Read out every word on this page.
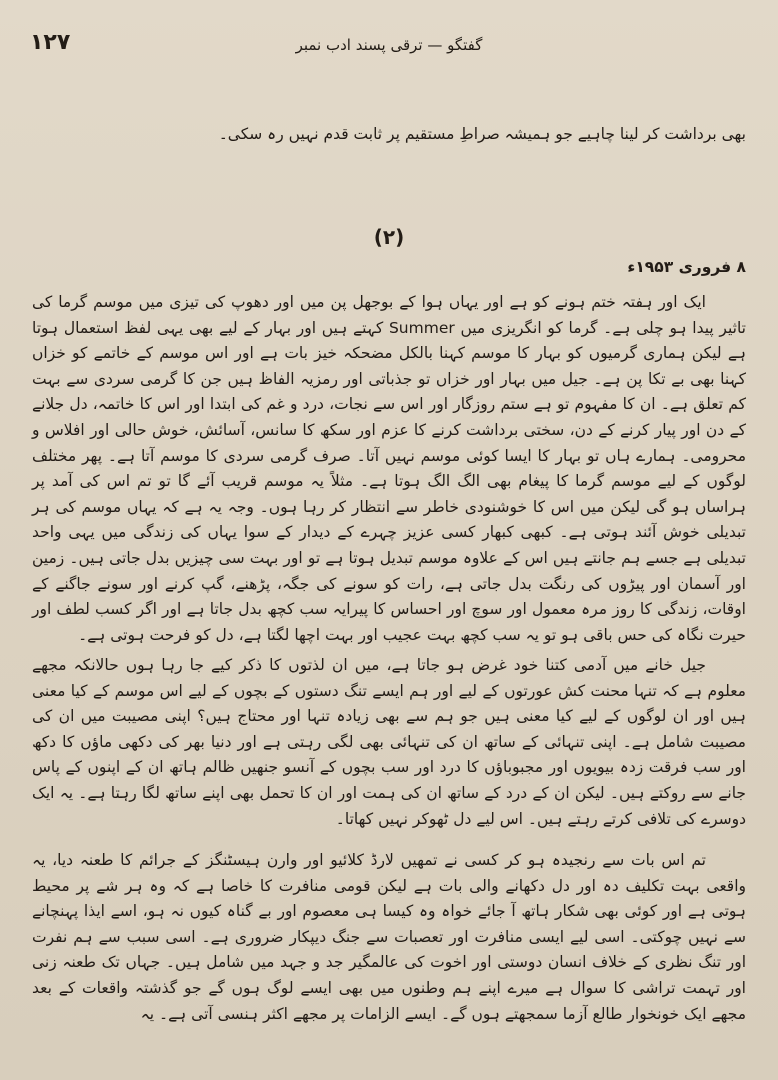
۱۲۷	گفتگو — ترقی پسند ادب نمبر

بھی برداشت کر لینا چاہیے جو ہمیشہ صراطِ مستقیم پر ثابت قدم نہیں رہ سکی۔

(۲)
۸ فروری ۱۹۵۳ء

ایک اور ہفتہ ختم ہونے کو ہے اور یہاں ہوا کے بوجھل پن میں اور دھوپ کی تیزی میں موسم گرما کی تاثیر پیدا ہو چلی ہے۔ گرما کو انگریزی میں Summer کہتے ہیں اور بہار کے لیے بھی یہی لفظ استعمال ہوتا ہے لیکن ہماری گرمیوں کو بہار کا موسم کہنا بالکل مضحکہ خیز بات ہے اور اس موسم کے خاتمے کو خزاں کہنا بھی بے تکا پن ہے۔ جیل میں بہار اور خزاں تو جذباتی اور رمزیہ الفاظ ہیں جن کا گرمی سردی سے بہت کم تعلق ہے۔ ان کا مفہوم تو ہے ستم روزگار اور اس سے نجات، درد و غم کی ابتدا اور اس کا خاتمہ، دل جلانے کے دن اور پیار کرنے کے دن، سختی برداشت کرنے کا عزم اور سکھ کا سانس، آسائش، خوش حالی اور افلاس و محرومی۔ ہمارے ہاں تو بہار کا ایسا کوئی موسم نہیں آتا۔ صرف گرمی سردی کا موسم آتا ہے۔ پھر مختلف لوگوں کے لیے موسم گرما کا پیغام بھی الگ الگ ہوتا ہے۔ مثلاً یہ موسم قریب آئے گا تو تم اس کی آمد پر ہراساں ہو گی لیکن میں اس کا خوشنودی خاطر سے انتظار کر رہا ہوں۔ وجہ یہ ہے کہ یہاں موسم کی ہر تبدیلی خوش آئند ہوتی ہے۔ کبھی کبھار کسی عزیز چہرے کے دیدار کے سوا یہاں کی زندگی میں یہی واحد تبدیلی ہے جسے ہم جانتے ہیں اس کے علاوہ موسم تبدیل ہوتا ہے تو اور بہت سی چیزیں بدل جاتی ہیں۔ زمین اور آسمان اور پیڑوں کی رنگت بدل جاتی ہے، رات کو سونے کی جگہ، پڑھنے، گپ کرنے اور سونے جاگنے کے اوقات، زندگی کا روز مرہ معمول اور سوچ اور احساس کا پیرایہ سب کچھ بدل جاتا ہے اور اگر کسب لطف اور حیرت نگاہ کی حس باقی ہو تو یہ سب کچھ بہت عجیب اور بہت اچھا لگتا ہے، دل کو فرحت ہوتی ہے۔

جیل خانے میں آدمی کتنا خود غرض ہو جاتا ہے، میں ان لذتوں کا ذکر کیے جا رہا ہوں حالانکہ مجھے معلوم ہے کہ تنہا محنت کش عورتوں کے لیے اور ہم ایسے تنگ دستوں کے بچوں کے لیے اس موسم کے کیا معنی ہیں اور ان لوگوں کے لیے کیا معنی ہیں جو ہم سے بھی زیادہ تنہا اور محتاج ہیں؟ اپنی مصیبت میں ان کی مصیبت شامل ہے۔ اپنی تنہائی کے ساتھ ان کی تنہائی بھی لگی رہتی ہے اور دنیا بھر کی دکھی ماؤں کا دکھ اور سب فرقت زدہ بیویوں اور مجبوباؤں کا درد اور سب بچوں کے آنسو جنھیں ظالم ہاتھ ان کے اپنوں کے پاس جانے سے روکتے ہیں۔ لیکن ان کے درد کے ساتھ ان کی ہمت اور ان کا تحمل بھی اپنے ساتھ لگا رہتا ہے۔ یہ ایک دوسرے کی تلافی کرتے رہتے ہیں۔ اس لیے دل ٹھوکر نہیں کھاتا۔

تم اس بات سے رنجیدہ ہو کر کسی نے تمھیں لارڈ کلائیو اور وارن ہیسٹنگز کے جرائم کا طعنہ دیا، یہ واقعی بہت تکلیف دہ اور دل دکھانے والی بات ہے لیکن قومی منافرت کا خاصا ہے کہ وہ ہر شے پر محیط ہوتی ہے اور کوئی بھی شکار ہاتھ آ جائے خواہ وہ کیسا ہی معصوم اور بے گناہ کیوں نہ ہو، اسے ایذا پہنچانے سے نہیں چوکتی۔ اسی لیے ایسی منافرت اور تعصبات سے جنگ دیپکار ضروری ہے۔ اسی سبب سے ہم نفرت اور تنگ نظری کے خلاف انسان دوستی اور اخوت کی عالمگیر جد و جہد میں شامل ہیں۔ جہاں تک طعنہ زنی اور تہمت تراشی کا سوال ہے میرے اپنے ہم وطنوں میں بھی ایسے لوگ ہوں گے جو گذشتہ واقعات کے بعد مجھے ایک خونخوار طالع آزما سمجھتے ہوں گے۔ ایسے الزامات پر مجھے اکثر ہنسی آتی ہے۔ یہ
